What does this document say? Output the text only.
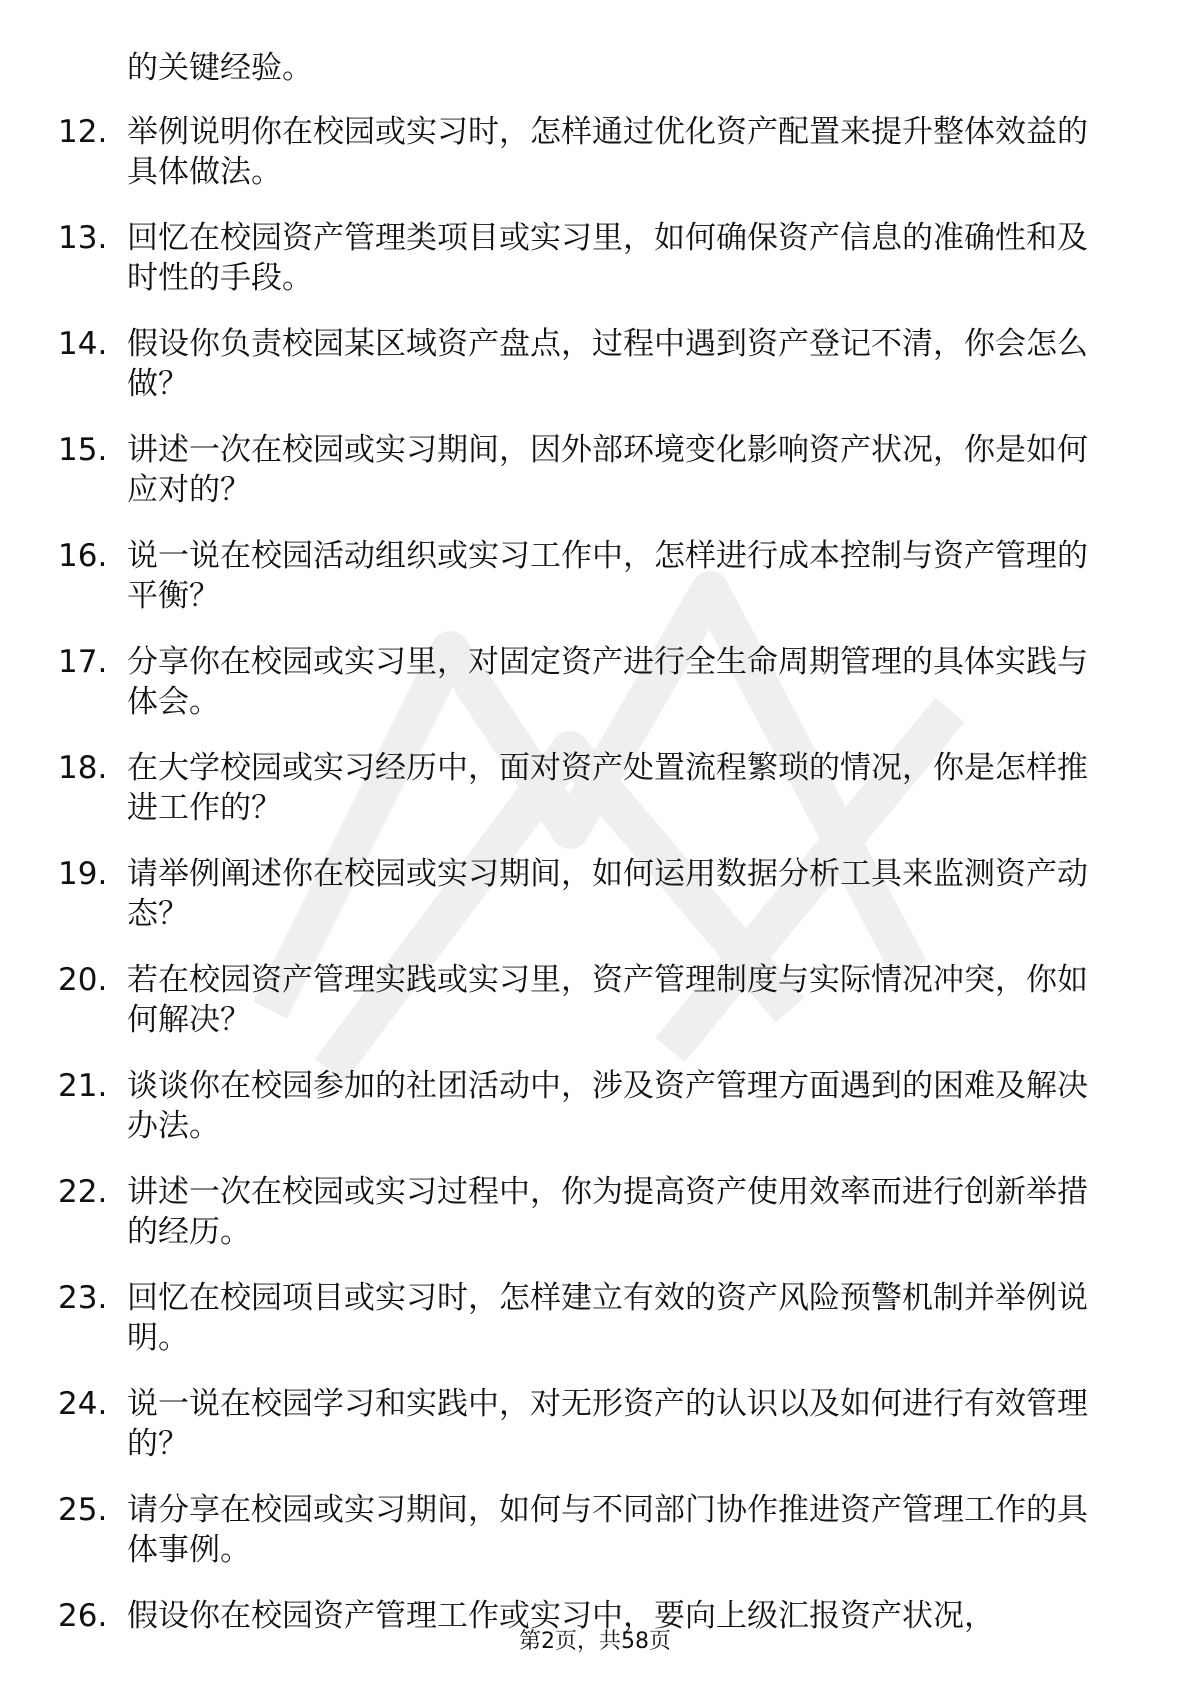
的关键经验。
12. 举例说明你在校园或实习时，怎样通过优化资产配置来提升整体效益的具体做法。
13. 回忆在校园资产管理类项目或实习里，如何确保资产信息的准确性和及时性的手段。
14. 假设你负责校园某区域资产盘点，过程中遇到资产登记不清，你会怎么做？
15. 讲述一次在校园或实习期间，因外部环境变化影响资产状况，你是如何应对的？
16. 说一说在校园活动组织或实习工作中，怎样进行成本控制与资产管理的平衡？
17. 分享你在校园或实习里，对固定资产进行全生命周期管理的具体实践与体会。
18. 在大学校园或实习经历中，面对资产处置流程繁琐的情况，你是怎样推进工作的？
19. 请举例阐述你在校园或实习期间，如何运用数据分析工具来监测资产动态？
20. 若在校园资产管理实践或实习里，资产管理制度与实际情况冲突，你如何解决？
21. 谈谈你在校园参加的社团活动中，涉及资产管理方面遇到的困难及解决办法。
22. 讲述一次在校园或实习过程中，你为提高资产使用效率而进行创新举措的经历。
23. 回忆在校园项目或实习时，怎样建立有效的资产风险预警机制并举例说明。
24. 说一说在校园学习和实践中，对无形资产的认识以及如何进行有效管理的？
25. 请分享在校园或实习期间，如何与不同部门协作推进资产管理工作的具体事例。
26. 假设你在校园资产管理工作或实习中，要向上级汇报资产状况，
第2页，共58页
